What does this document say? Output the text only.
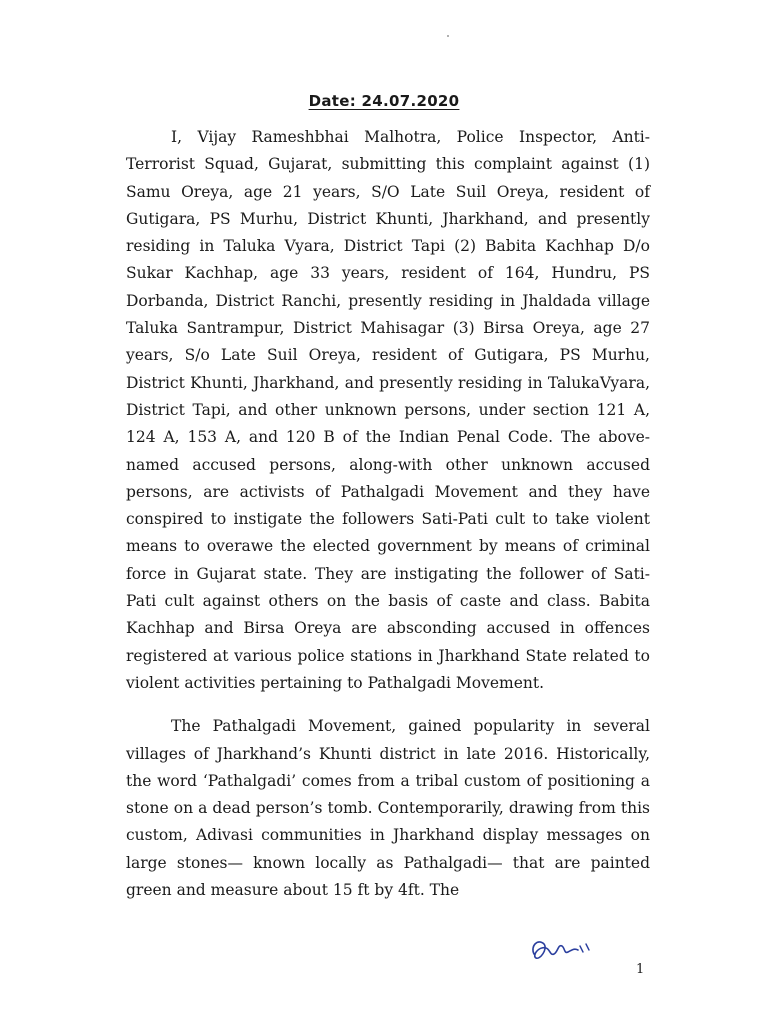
Date: 24.07.2020

I, Vijay Rameshbhai Malhotra, Police Inspector, Anti-Terrorist Squad, Gujarat, submitting this complaint against (1) Samu Oreya, age 21 years, S/O Late Suil Oreya, resident of Gutigara, PS Murhu, District Khunti, Jharkhand, and presently residing in Taluka Vyara, District Tapi (2) Babita Kachhap D/o Sukar Kachhap, age 33 years, resident of 164, Hundru, PS Dorbanda, District Ranchi, presently residing in Jhaldada village Taluka Santrampur, District Mahisagar (3) Birsa Oreya, age 27 years, S/o Late Suil Oreya, resident of Gutigara, PS Murhu, District Khunti, Jharkhand, and presently residing in TalukaVyara, District Tapi, and other unknown persons, under section 121 A, 124 A, 153 A, and 120 B of the Indian Penal Code. The above-named accused persons, along-with other unknown accused persons, are activists of Pathalgadi Movement and they have conspired to instigate the followers Sati-Pati cult to take violent means to overawe the elected government by means of criminal force in Gujarat state. They are instigating the follower of Sati-Pati cult against others on the basis of caste and class. Babita Kachhap and Birsa Oreya are absconding accused in offences registered at various police stations in Jharkhand State related to violent activities pertaining to Pathalgadi Movement.

The Pathalgadi Movement, gained popularity in several villages of Jharkhand’s Khunti district in late 2016. Historically, the word ‘Pathalgadi’ comes from a tribal custom of positioning a stone on a dead person’s tomb. Contemporarily, drawing from this custom, Adivasi communities in Jharkhand display messages on large stones— known locally as Pathalgadi— that are painted green and measure about 15 ft by 4ft. The

1
